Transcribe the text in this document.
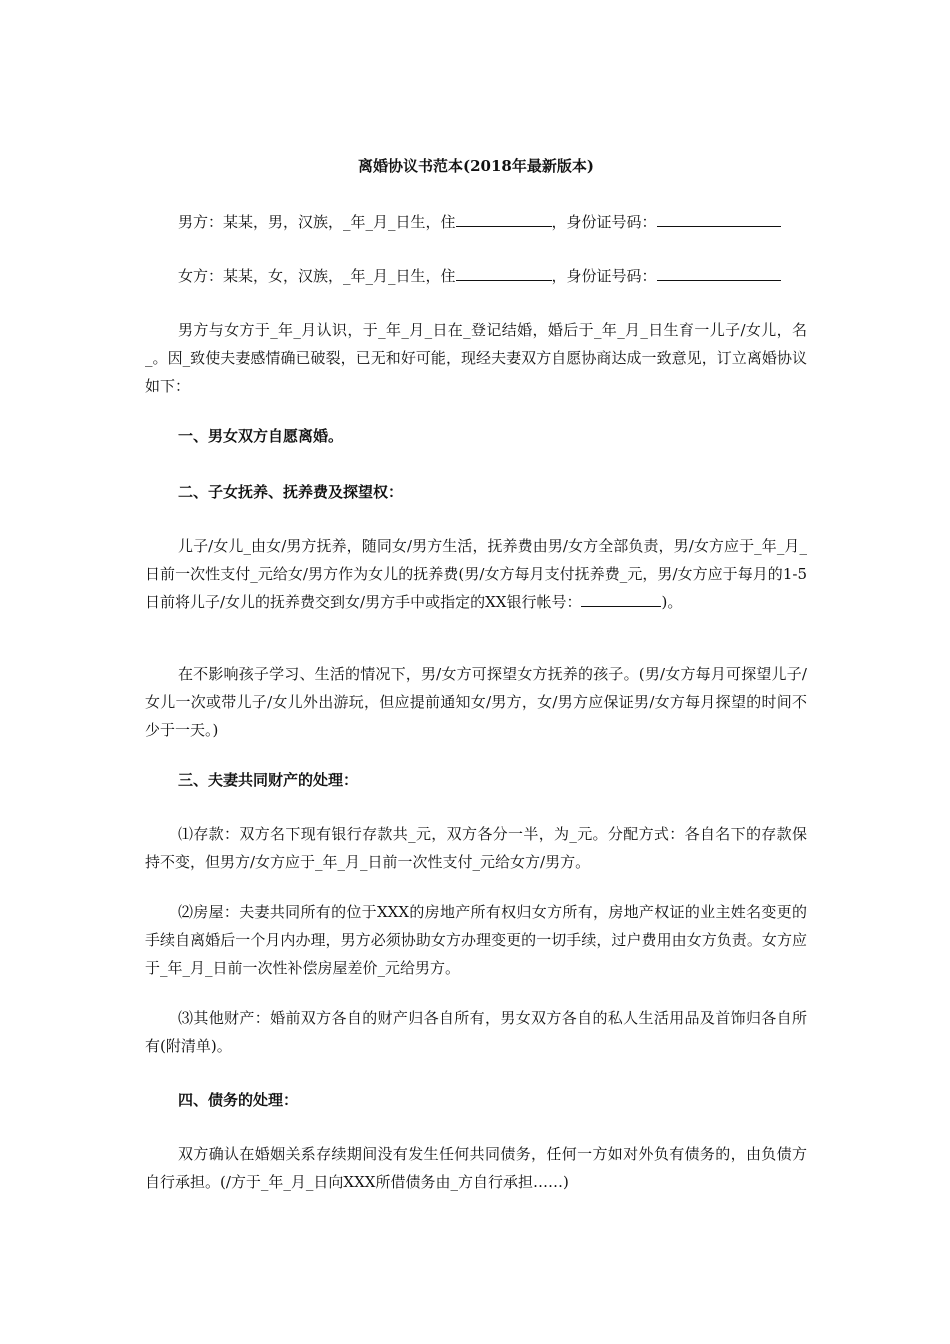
离婚协议书范本(2018年最新版本)

男方：某某，男，汉族，_年_月_日生，住	，身份证号码：

女方：某某，女，汉族，_年_月_日生，住	，身份证号码：

男方与女方于_年_月认识，于_年_月_日在_登记结婚，婚后于_年_月_日生育一儿子/女儿，名_。因_致使夫妻感情确已破裂，已无和好可能，现经夫妻双方自愿协商达成一致意见，订立离婚协议如下：

一、男女双方自愿离婚。

二、子女抚养、抚养费及探望权：

儿子/女儿_由女/男方抚养，随同女/男方生活，抚养费由男/女方全部负责，男/女方应于_年_月_日前一次性支付_元给女/男方作为女儿的抚养费(男/女方每月支付抚养费_元，男/女方应于每月的1-5日前将儿子/女儿的抚养费交到女/男方手中或指定的XX银行帐号：	)。

在不影响孩子学习、生活的情况下，男/女方可探望女方抚养的孩子。(男/女方每月可探望儿子/女儿一次或带儿子/女儿外出游玩，但应提前通知女/男方，女/男方应保证男/女方每月探望的时间不少于一天。)

三、夫妻共同财产的处理：

⑴存款：双方名下现有银行存款共_元，双方各分一半，为_元。分配方式：各自名下的存款保持不变，但男方/女方应于_年_月_日前一次性支付_元给女方/男方。

⑵房屋：夫妻共同所有的位于XXX的房地产所有权归女方所有，房地产权证的业主姓名变更的手续自离婚后一个月内办理，男方必须协助女方办理变更的一切手续，过户费用由女方负责。女方应于_年_月_日前一次性补偿房屋差价_元给男方。

⑶其他财产：婚前双方各自的财产归各自所有，男女双方各自的私人生活用品及首饰归各自所有(附清单)。

四、债务的处理：

双方确认在婚姻关系存续期间没有发生任何共同债务，任何一方如对外负有债务的，由负债方自行承担。(/方于_年_月_日向XXX所借债务由_方自行承担……)
